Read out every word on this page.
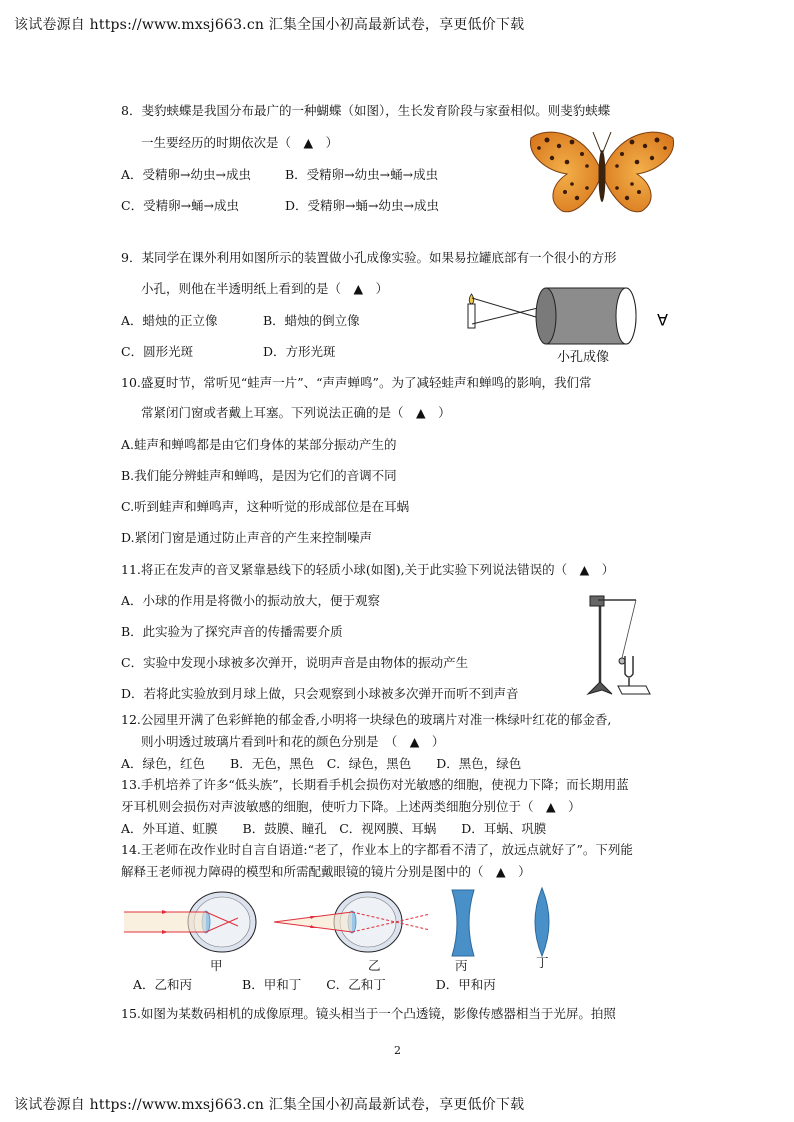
该试卷源自 https://www.mxsj663.cn 汇集全国小初高最新试卷，享更低价下载
8．斐豹蛱蝶是我国分布最广的一种蝴蝶（如图），生长发育阶段与家蚕相似。则斐豹蛱蝶
一生要经历的时期依次是（　▲　）
A．受精卵→幼虫→成虫	B．受精卵→幼虫→蛹→成虫
C．受精卵→蛹→成虫	D．受精卵→蛹→幼虫→成虫
9．某同学在课外利用如图所示的装置做小孔成像实验。如果易拉罐底部有一个很小的方形
小孔，则他在半透明纸上看到的是（　▲　）
A．蜡烛的正立像	B．蜡烛的倒立像
C．圆形光斑	D．方形光斑
A
小孔成像
10.盛夏时节，常听见“蛙声一片”、“声声蝉鸣”。为了减轻蛙声和蝉鸣的影响，我们常
常紧闭门窗或者戴上耳塞。下列说法正确的是（　▲　）
A.蛙声和蝉鸣都是由它们身体的某部分振动产生的
B.我们能分辨蛙声和蝉鸣，是因为它们的音调不同
C.听到蛙声和蝉鸣声，这种听觉的形成部位是在耳蜗
D.紧闭门窗是通过防止声音的产生来控制噪声
11.将正在发声的音叉紧靠悬线下的轻质小球(如图),关于此实验下列说法错误的（　▲　）
A．小球的作用是将微小的振动放大，便于观察
B．此实验为了探究声音的传播需要介质
C．实验中发现小球被多次弹开，说明声音是由物体的振动产生
D．若将此实验放到月球上做，只会观察到小球被多次弹开而听不到声音
12.公园里开满了色彩鲜艳的郁金香,小明将一块绿色的玻璃片对准一株绿叶红花的郁金香,
则小明透过玻璃片看到叶和花的颜色分别是　（　▲　）
A．绿色，红色　　B．无色，黑色　C．绿色，黑色　　D．黑色，绿色
13.手机培养了许多“低头族”，长期看手机会损伤对光敏感的细胞，使视力下降；而长期用蓝
牙耳机则会损伤对声波敏感的细胞，使听力下降。上述两类细胞分别位于（　▲　）
A．外耳道、虹膜　　B．鼓膜、瞳孔　C．视网膜、耳蜗　　D．耳蜗、巩膜
14.王老师在改作业时自言自语道:“老了，作业本上的字都看不清了，放远点就好了”。下列能
解释王老师视力障碍的模型和所需配戴眼镜的镜片分别是图中的（　▲　）
甲	乙	丙	丁
A．乙和丙　　　　B．甲和丁　　C．乙和丁　　　　D．甲和丙
15.如图为某数码相机的成像原理。镜头相当于一个凸透镜，影像传感器相当于光屏。拍照
2
该试卷源自 https://www.mxsj663.cn 汇集全国小初高最新试卷，享更低价下载
